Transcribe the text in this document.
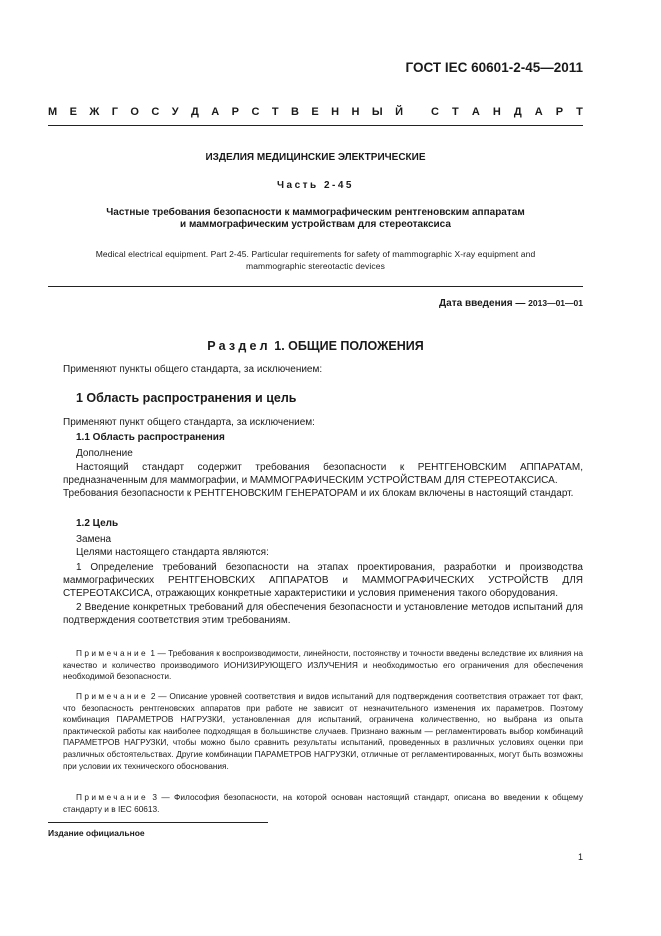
ГОСТ IEC 60601-2-45—2011
М Е Ж Г О С У Д А Р С Т В Е Н Н Ы Й	С Т А Н Д А Р Т
ИЗДЕЛИЯ МЕДИЦИНСКИЕ ЭЛЕКТРИЧЕСКИЕ
Часть 2-45
Частные требования безопасности к маммографическим рентгеновским аппаратам
и маммографическим устройствам для стереотаксиса
Medical electrical equipment. Part 2-45. Particular requirements for safety of mammographic X-ray equipment and
mammographic stereotactic devices
Дата введения — 2013—01—01
Раздел 1. ОБЩИЕ ПОЛОЖЕНИЯ
Применяют пункты общего стандарта, за исключением:
1 Область распространения и цель
Применяют пункт общего стандарта, за исключением:
1.1 Область распространения
Дополнение

Настоящий стандарт содержит требования безопасности к РЕНТГЕНОВСКИМ АППАРАТАМ, предназначенным для маммографии, и МАММОГРАФИЧЕСКИМ УСТРОЙСТВАМ ДЛЯ СТЕРЕОТАКСИСА.

Требования безопасности к РЕНТГЕНОВСКИМ ГЕНЕРАТОРАМ и их блокам включены в настоящий стандарт.

1.2 Цель
Замена
Целями настоящего стандарта являются:

1 Определение требований безопасности на этапах проектирования, разработки и производства маммографических РЕНТГЕНОВСКИХ АППАРАТОВ и МАММОГРАФИЧЕСКИХ УСТРОЙСТВ ДЛЯ СТЕРЕОТАКСИСА, отражающих конкретные характеристики и условия применения такого оборудования.

2 Введение конкретных требований для обеспечения безопасности и установление методов испытаний для подтверждения соответствия этим требованиям.

Примечание 1 — Требования к воспроизводимости, линейности, постоянству и точности введены вследствие их влияния на качество и количество производимого ИОНИЗИРУЮЩЕГО ИЗЛУЧЕНИЯ и необходимостью его ограничения для обеспечения необходимой безопасности.

Примечание 2 — Описание уровней соответствия и видов испытаний для подтверждения соответствия отражает тот факт, что безопасность рентгеновских аппаратов при работе не зависит от незначительного изменения их параметров. Поэтому комбинация ПАРАМЕТРОВ НАГРУЗКИ, установленная для испытаний, ограничена количественно, но выбрана из опыта практической работы как наиболее подходящая в большинстве случаев. Признано важным — регламентировать выбор комбинаций ПАРАМЕТРОВ НАГРУЗКИ, чтобы можно было сравнить результаты испытаний, проведенных в различных условиях оценки при различных обстоятельствах. Другие комбинации ПАРАМЕТРОВ НАГРУЗКИ, отличные от регламентированных, могут быть возможны при условии их технического обоснования.

Примечание 3 — Философия безопасности, на которой основан настоящий стандарт, описана во введении к общему стандарту и в IEC 60613.

Издание официальное
1
